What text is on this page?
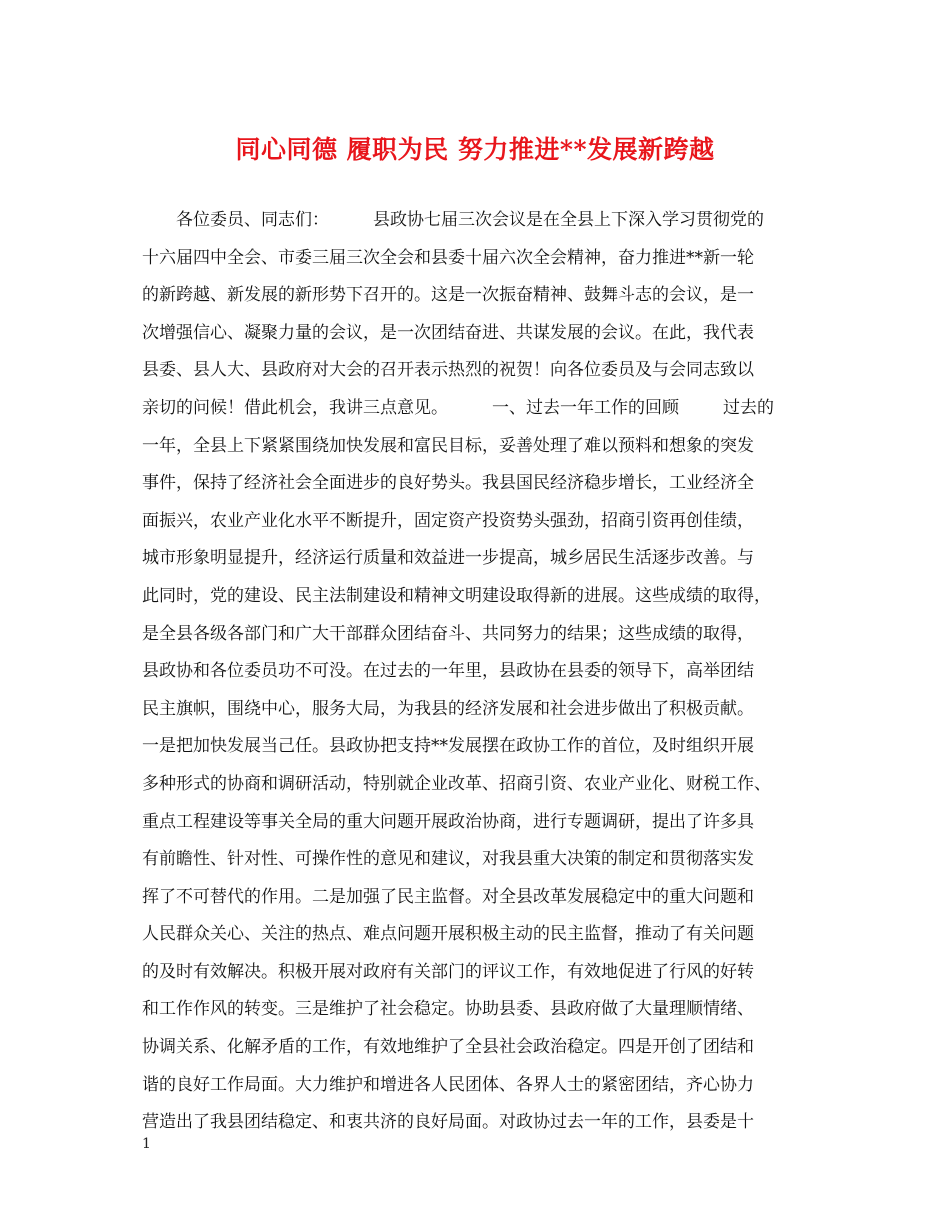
同心同德 履职为民 努力推进**发展新跨越
各位委员、同志们：	县政协七届三次会议是在全县上下深入学习贯彻党的
十六届四中全会、市委三届三次全会和县委十届六次全会精神，奋力推进**新一轮
的新跨越、新发展的新形势下召开的。这是一次振奋精神、鼓舞斗志的会议，是一
次增强信心、凝聚力量的会议，是一次团结奋进、共谋发展的会议。在此，我代表
县委、县人大、县政府对大会的召开表示热烈的祝贺！向各位委员及与会同志致以
亲切的问候！借此机会，我讲三点意见。	一、过去一年工作的回顾	过去的
一年，全县上下紧紧围绕加快发展和富民目标，妥善处理了难以预料和想象的突发
事件，保持了经济社会全面进步的良好势头。我县国民经济稳步增长，工业经济全
面振兴，农业产业化水平不断提升，固定资产投资势头强劲，招商引资再创佳绩，
城市形象明显提升，经济运行质量和效益进一步提高，城乡居民生活逐步改善。与
此同时，党的建设、民主法制建设和精神文明建设取得新的进展。这些成绩的取得，
是全县各级各部门和广大干部群众团结奋斗、共同努力的结果；这些成绩的取得，
县政协和各位委员功不可没。在过去的一年里，县政协在县委的领导下，高举团结
民主旗帜，围绕中心，服务大局，为我县的经济发展和社会进步做出了积极贡献。
一是把加快发展当己任。县政协把支持**发展摆在政协工作的首位，及时组织开展
多种形式的协商和调研活动，特别就企业改革、招商引资、农业产业化、财税工作、
重点工程建设等事关全局的重大问题开展政治协商，进行专题调研，提出了许多具
有前瞻性、针对性、可操作性的意见和建议，对我县重大决策的制定和贯彻落实发
挥了不可替代的作用。二是加强了民主监督。对全县改革发展稳定中的重大问题和
人民群众关心、关注的热点、难点问题开展积极主动的民主监督，推动了有关问题
的及时有效解决。积极开展对政府有关部门的评议工作，有效地促进了行风的好转
和工作作风的转变。三是维护了社会稳定。协助县委、县政府做了大量理顺情绪、
协调关系、化解矛盾的工作，有效地维护了全县社会政治稳定。四是开创了团结和
谐的良好工作局面。大力维护和增进各人民团体、各界人士的紧密团结，齐心协力
营造出了我县团结稳定、和衷共济的良好局面。对政协过去一年的工作，县委是十
1
